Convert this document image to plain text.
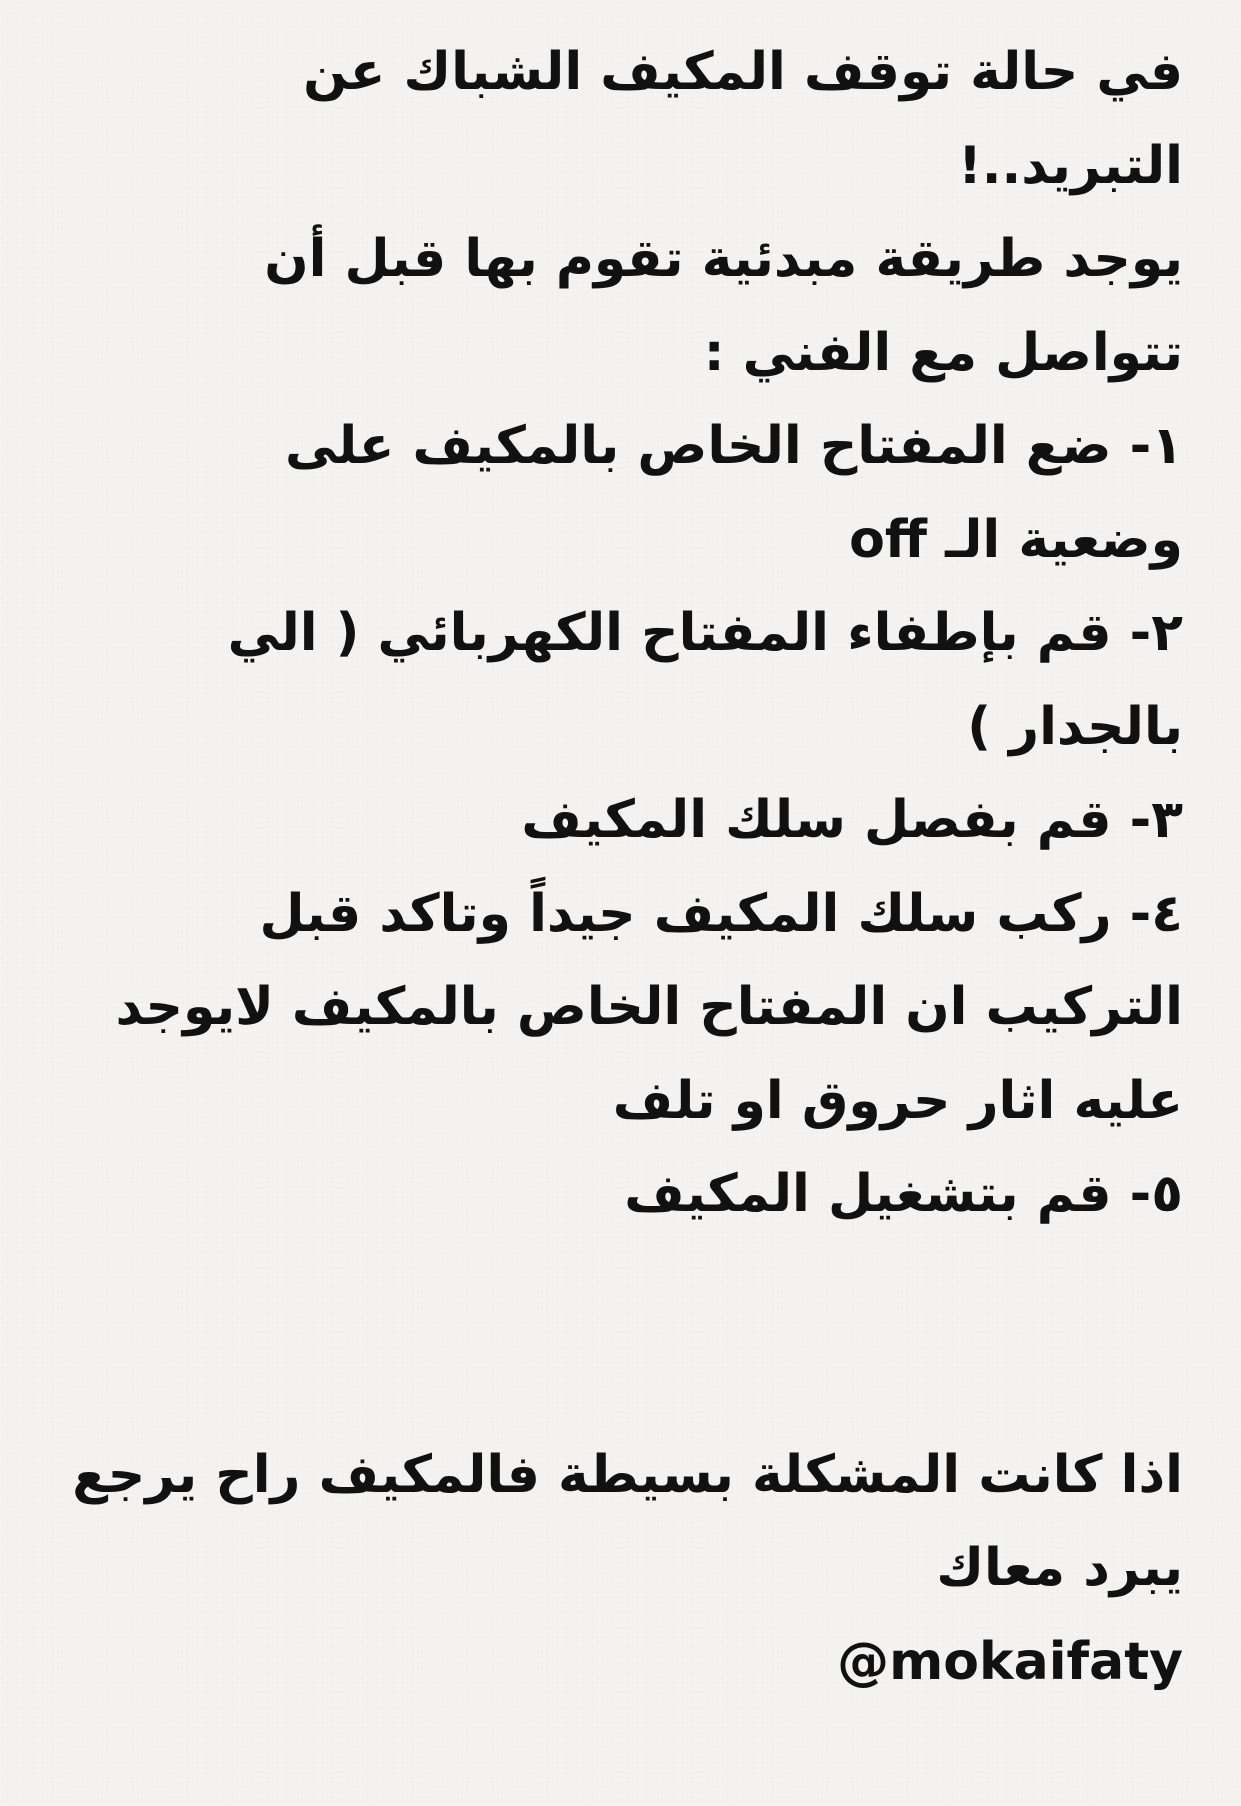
في حالة توقف المكيف الشباك عن
التبريد..!
يوجد طريقة مبدئية تقوم بها قبل أن
تتواصل مع الفني :
١- ضع المفتاح الخاص بالمكيف على
وضعية الـ off
٢- قم بإطفاء المفتاح الكهربائي ( الي
بالجدار )
٣- قم بفصل سلك المكيف
٤- ركب سلك المكيف جيداً وتاكد قبل
التركيب ان المفتاح الخاص بالمكيف لايوجد
عليه اثار حروق او تلف
٥- قم بتشغيل المكيف
اذا كانت المشكلة بسيطة فالمكيف راح يرجع
يبرد معاك
@mokaifaty
